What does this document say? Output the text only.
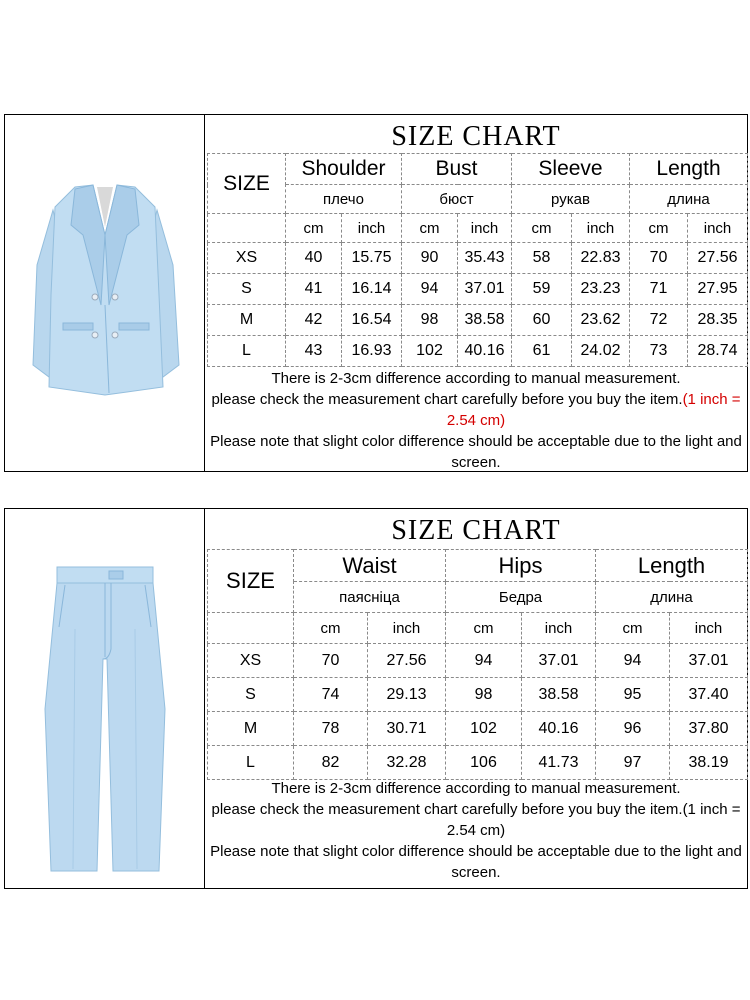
SIZE CHART
SIZE	Shoulder		Bust		Sleeve		Length	
	плечо		бюст		рукав		длина	
	cm	inch	cm	inch	cm	inch	cm	inch
XS	40	15.75	90	35.43	58	22.83	70	27.56
S	41	16.14	94	37.01	59	23.23	71	27.95
M	42	16.54	98	38.58	60	23.62	72	28.35
L	43	16.93	102	40.16	61	24.02	73	28.74
There is 2-3cm difference according to manual measurement.
please check the measurement chart carefully before you buy the item.(1 inch = 2.54 cm)
Please note that slight color difference should be acceptable due to the light and screen.
SIZE CHART
SIZE	Waist		Hips		Length	
	паясніца		Бедра		длина	
	cm	inch	cm	inch	cm	inch
XS	70	27.56	94	37.01	94	37.01
S	74	29.13	98	38.58	95	37.40
M	78	30.71	102	40.16	96	37.80
L	82	32.28	106	41.73	97	38.19
There is 2-3cm difference according to manual measurement.
please check the measurement chart carefully before you buy the item.(1 inch = 2.54 cm)
Please note that slight color difference should be acceptable due to the light and screen.
